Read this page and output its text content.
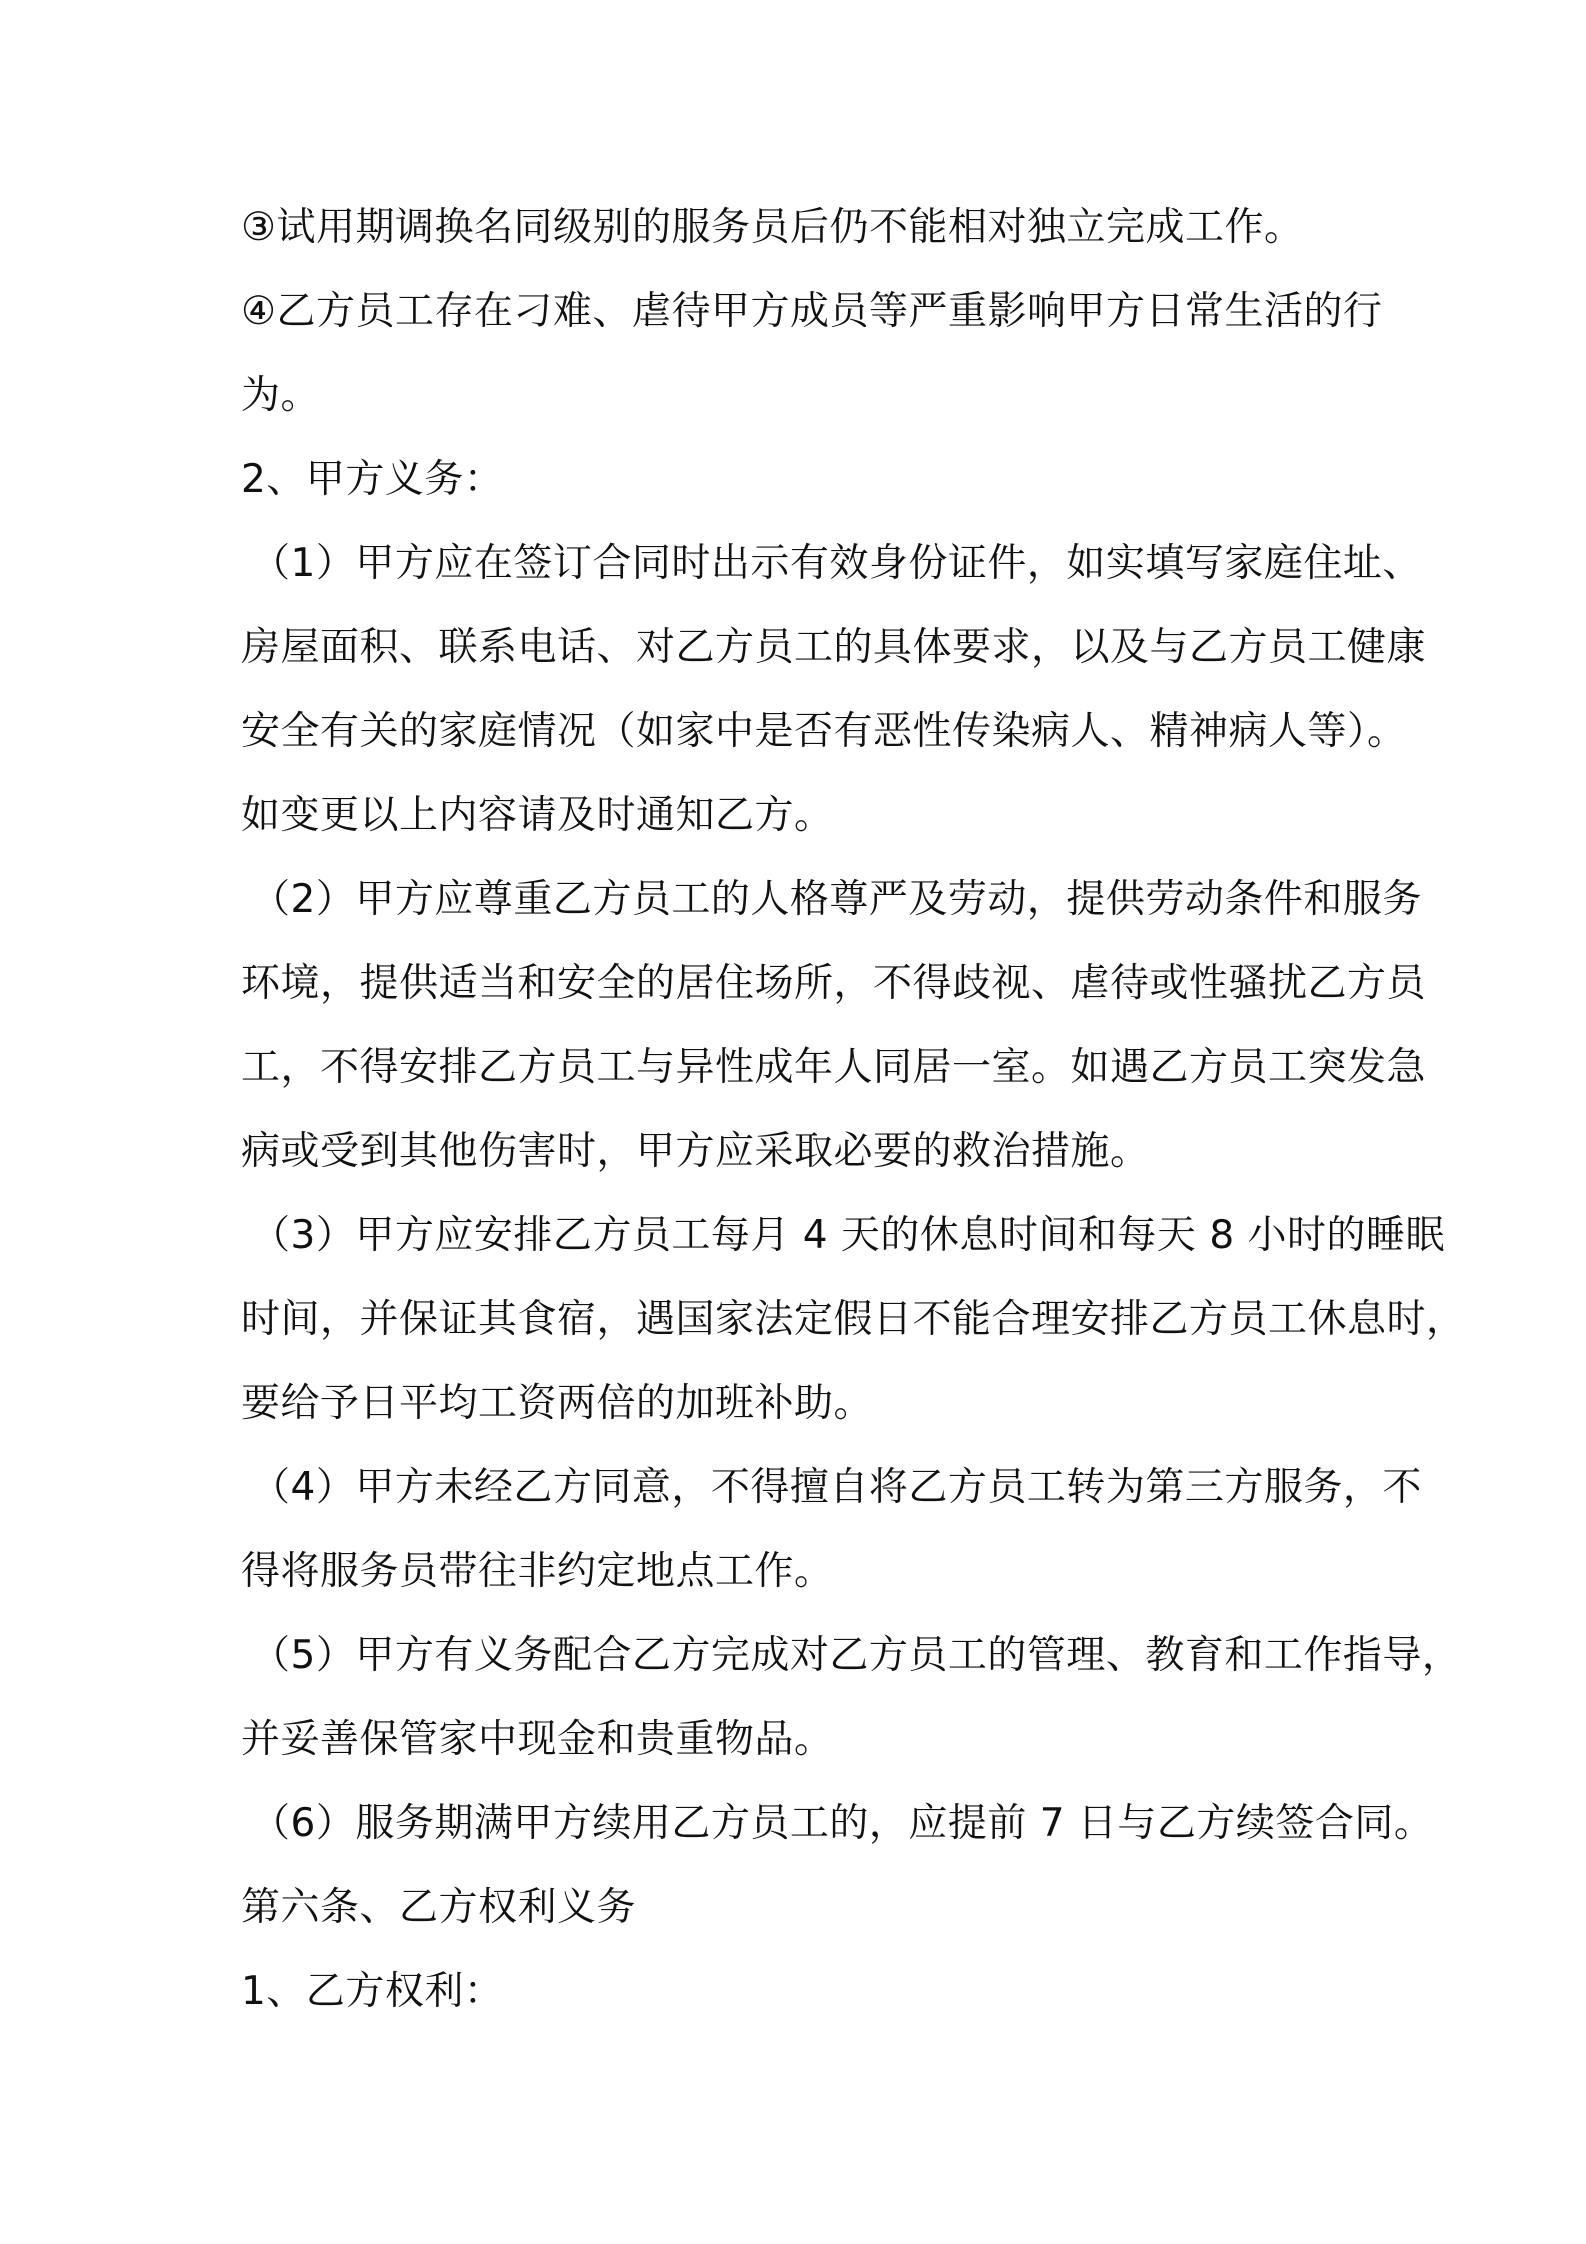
③试用期调换名同级别的服务员后仍不能相对独立完成工作。
④乙方员工存在刁难、虐待甲方成员等严重影响甲方日常生活的行
为。
2、甲方义务：
（1）甲方应在签订合同时出示有效身份证件，如实填写家庭住址、
房屋面积、联系电话、对乙方员工的具体要求，以及与乙方员工健康
安全有关的家庭情况（如家中是否有恶性传染病人、精神病人等）。
如变更以上内容请及时通知乙方。
（2）甲方应尊重乙方员工的人格尊严及劳动，提供劳动条件和服务
环境，提供适当和安全的居住场所，不得歧视、虐待或性骚扰乙方员
工，不得安排乙方员工与异性成年人同居一室。如遇乙方员工突发急
病或受到其他伤害时，甲方应采取必要的救治措施。
（3）甲方应安排乙方员工每月 4 天的休息时间和每天 8 小时的睡眠
时间，并保证其食宿，遇国家法定假日不能合理安排乙方员工休息时，
要给予日平均工资两倍的加班补助。
（4）甲方未经乙方同意，不得擅自将乙方员工转为第三方服务，不
得将服务员带往非约定地点工作。
（5）甲方有义务配合乙方完成对乙方员工的管理、教育和工作指导，
并妥善保管家中现金和贵重物品。
（6）服务期满甲方续用乙方员工的，应提前 7 日与乙方续签合同。
第六条、乙方权利义务
1、乙方权利：
